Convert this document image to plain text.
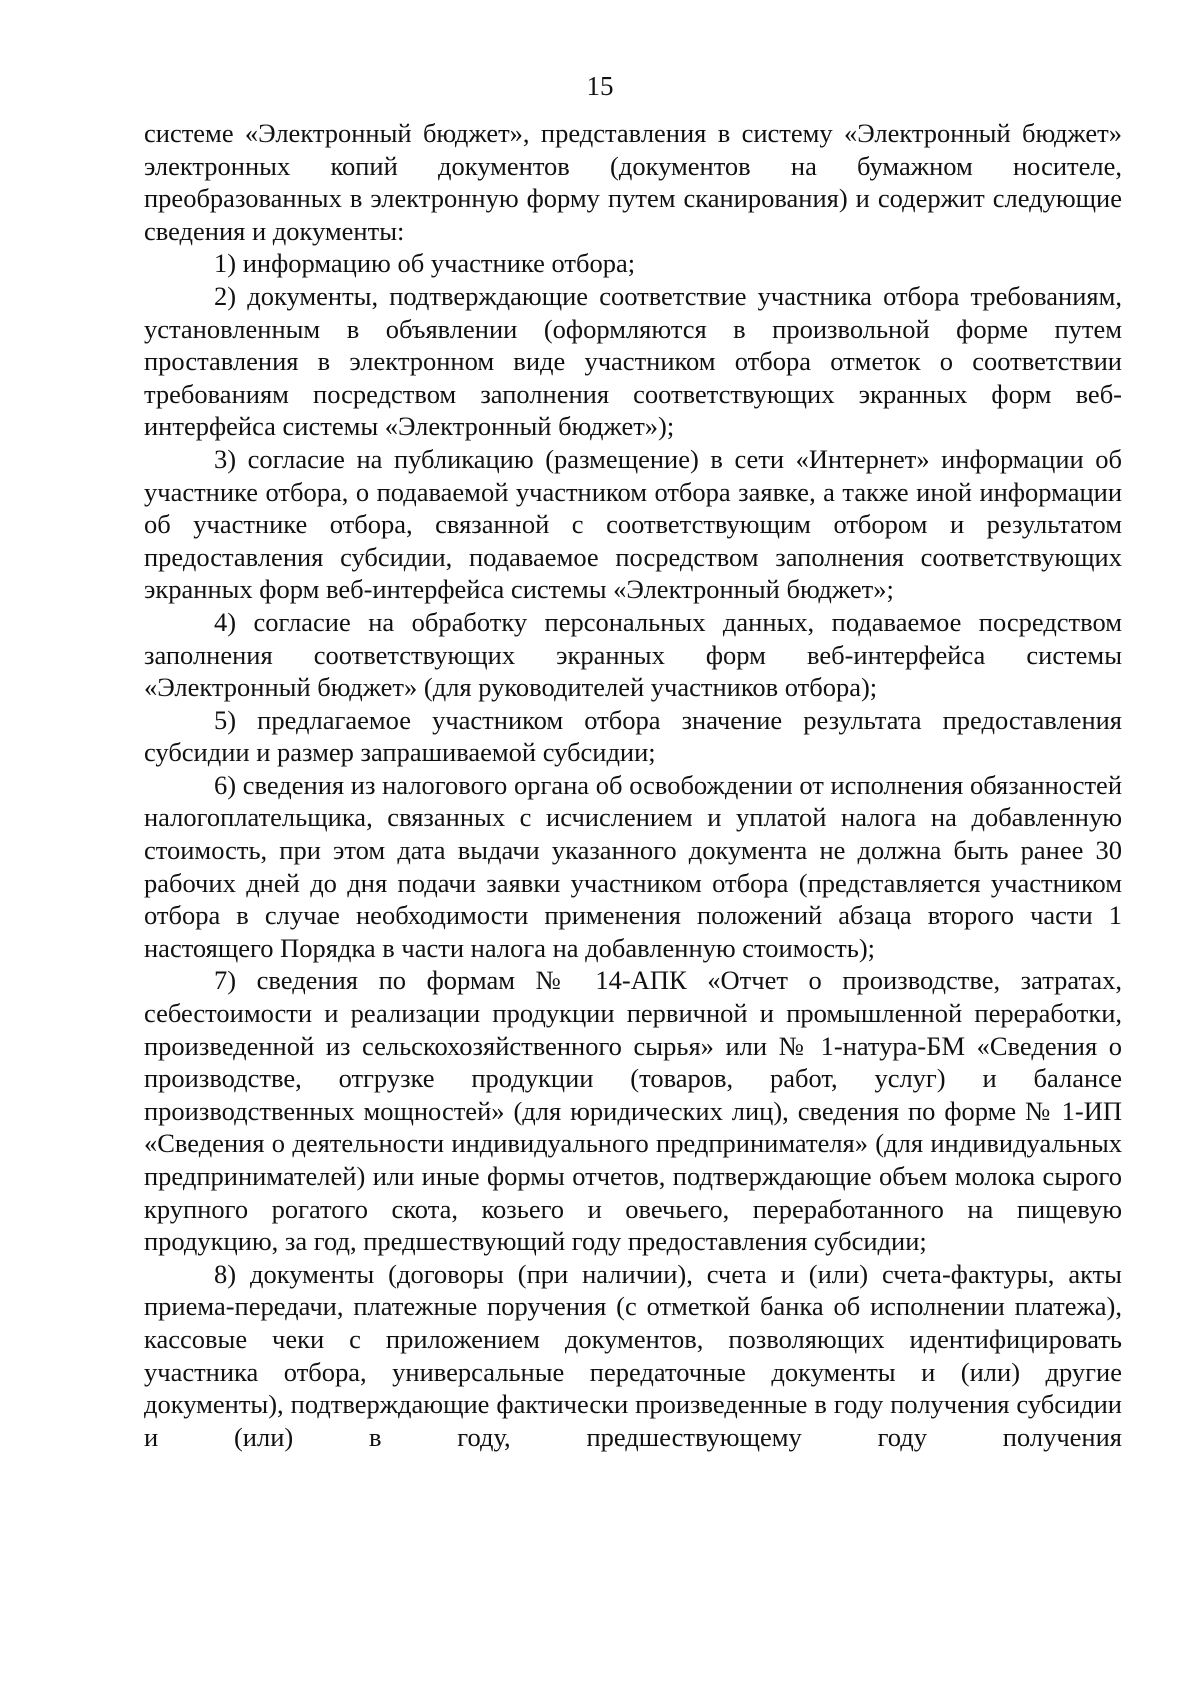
15

системе «Электронный бюджет», представления в систему «Электронный бюджет» электронных копий документов (документов на бумажном носителе, преобразованных в электронную форму путем сканирования) и содержит следующие сведения и документы:

1) информацию об участнике отбора;

2) документы, подтверждающие соответствие участника отбора требованиям, установленным в объявлении (оформляются в произвольной форме путем проставления в электронном виде участником отбора отметок о соответствии требованиям посредством заполнения соответствующих экранных форм веб-интерфейса системы «Электронный бюджет»);

3) согласие на публикацию (размещение) в сети «Интернет» информации об участнике отбора, о подаваемой участником отбора заявке, а также иной информации об участнике отбора, связанной с соответствующим отбором и результатом предоставления субсидии, подаваемое посредством заполнения соответствующих экранных форм веб-интерфейса системы «Электронный бюджет»;

4) согласие на обработку персональных данных, подаваемое посредством заполнения соответствующих экранных форм веб-интерфейса системы «Электронный бюджет» (для руководителей участников отбора);

5) предлагаемое участником отбора значение результата предоставления субсидии и размер запрашиваемой субсидии;

6) сведения из налогового органа об освобождении от исполнения обязанностей налогоплательщика, связанных с исчислением и уплатой налога на добавленную стоимость, при этом дата выдачи указанного документа не должна быть ранее 30 рабочих дней до дня подачи заявки участником отбора (представляется участником отбора в случае необходимости применения положений абзаца второго части 1 настоящего Порядка в части налога на добавленную стоимость);

7) сведения по формам № 14-АПК «Отчет о производстве, затратах, себестоимости и реализации продукции первичной и промышленной переработки, произведенной из сельскохозяйственного сырья» или № 1-натура-БМ «Сведения о производстве, отгрузке продукции (товаров, работ, услуг) и балансе производственных мощностей» (для юридических лиц), сведения по форме № 1-ИП «Сведения о деятельности индивидуального предпринимателя» (для индивидуальных предпринимателей) или иные формы отчетов, подтверждающие объем молока сырого крупного рогатого скота, козьего и овечьего, переработанного на пищевую продукцию, за год, предшествующий году предоставления субсидии;

8) документы (договоры (при наличии), счета и (или) счета-фактуры, акты приема-передачи, платежные поручения (с отметкой банка об исполнении платежа), кассовые чеки с приложением документов, позволяющих идентифицировать участника отбора, универсальные передаточные документы и (или) другие документы), подтверждающие фактически произведенные в году получения субсидии и (или) в году, предшествующему году получения
